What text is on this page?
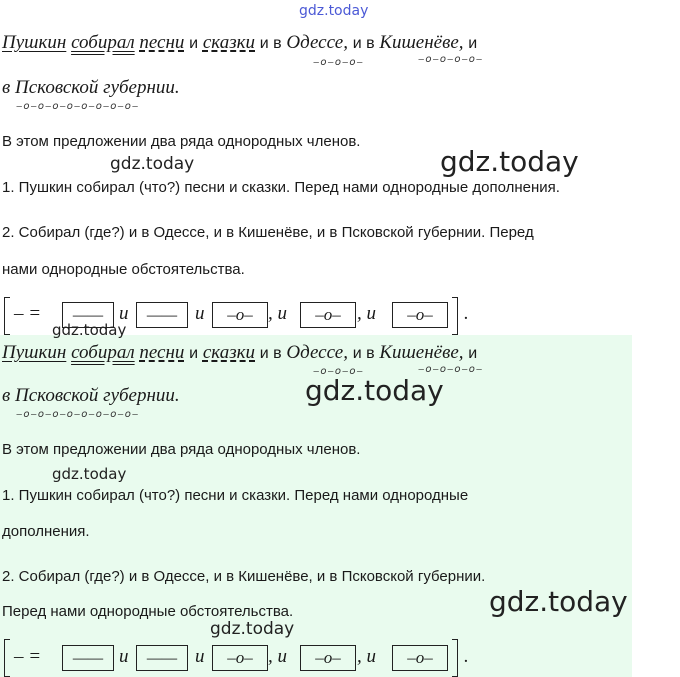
gdz.today
Пушкин собирал песни и сказки и в Одессе, и в Кишенёве, и
‒o‒o‒o‒	‒o‒o‒o‒o‒
в Псковской губернии.
‒o‒o‒o‒o‒o‒o‒o‒o‒
В этом предложении два ряда однородных членов.
gdz.today	gdz.today
1. Пушкин собирал (что?) песни и сказки. Перед нами однородные дополнения.
2. Собирал (где?) и в Одессе, и в Кишенёве, и в Псковской губернии. Перед
нами однородные обстоятельства.
‒ =	—— и	—— и	‒o‒ , и	‒o‒ , и	‒o‒	.
gdz.today
Пушкин собирал песни и сказки и в Одессе, и в Кишенёве, и
‒o‒o‒o‒	‒o‒o‒o‒o‒
в Псковской губернии.
‒o‒o‒o‒o‒o‒o‒o‒o‒
gdz.today
В этом предложении два ряда однородных членов.
gdz.today
1. Пушкин собирал (что?) песни и сказки. Перед нами однородные
дополнения.
2. Собирал (где?) и в Одессе, и в Кишенёве, и в Псковской губернии.
Перед нами однородные обстоятельства.	gdz.today
gdz.today
‒ =	—— и	—— и	‒o‒ , и	‒o‒ , и	‒o‒	.
